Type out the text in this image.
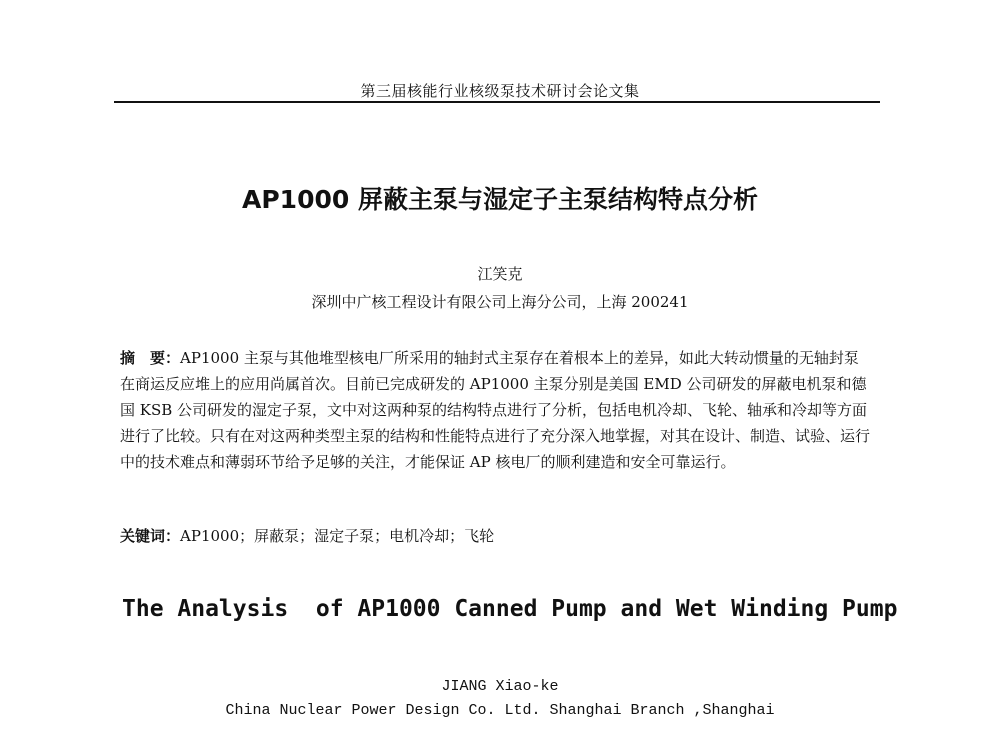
第三届核能行业核级泵技术研讨会论文集
AP1000 屏蔽主泵与湿定子主泵结构特点分析
江笑克
深圳中广核工程设计有限公司上海分公司，上海 200241

摘　要：AP1000 主泵与其他堆型核电厂所采用的轴封式主泵存在着根本上的差异，如此大转动惯量的无轴封泵在商运反应堆上的应用尚属首次。目前已完成研发的 AP1000 主泵分别是美国 EMD 公司研发的屏蔽电机泵和德国 KSB 公司研发的湿定子泵，文中对这两种泵的结构特点进行了分析，包括电机冷却、飞轮、轴承和冷却等方面进行了比较。只有在对这两种类型主泵的结构和性能特点进行了充分深入地掌握，对其在设计、制造、试验、运行中的技术难点和薄弱环节给予足够的关注，才能保证 AP 核电厂的顺利建造和安全可靠运行。

关键词：AP1000；屏蔽泵；湿定子泵；电机冷却；飞轮

The Analysis  of AP1000 Canned Pump and Wet Winding Pump
JIANG Xiao-ke
China Nuclear Power Design Co. Ltd. Shanghai Branch ,Shanghai
